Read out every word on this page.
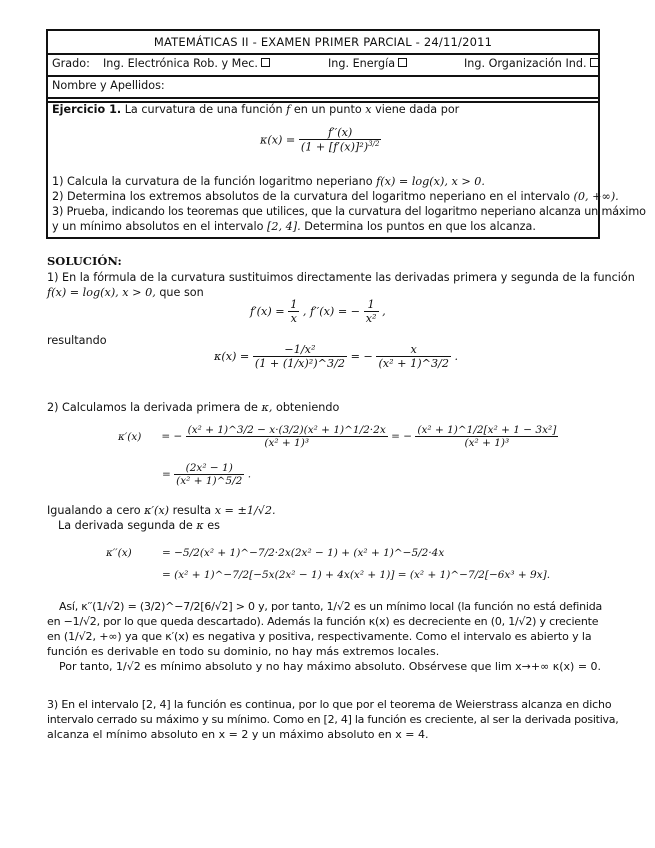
MATEMÁTICAS II - EXAMEN PRIMER PARCIAL - 24/11/2011
Grado: Ing. Electrónica Rob. y Mec.	Ing. Energía	Ing. Organización Ind.
Nombre y Apellidos:
Ejercicio 1. La curvatura de una función f en un punto x viene dada por
$\kappa(x) = \frac{f''(x)}{(1 + [f'(x)]^2)^{3/2}}$
1) Calcula la curvatura de la función logaritmo neperiano f(x) = log(x), x > 0.
2) Determina los extremos absolutos de la curvatura del logaritmo neperiano en el intervalo (0, +∞).
3) Prueba, indicando los teoremas que utilices, que la curvatura del logaritmo neperiano alcanza un máximo
y un mínimo absolutos en el intervalo [2, 4]. Determina los puntos en que los alcanza.
SOLUCIÓN:
1) En la fórmula de la curvatura sustituimos directamente las derivadas primera y segunda de la función
f(x) = log(x), x > 0, que son
$f'(x) = \frac{1}{x}$ , f′′(x) = − $\frac{1}{\text{x²}}$ ,
resultando
$\kappa(x) = \frac{\text{−1/x²}}{\text{(1 + (1/x)²)\textasciicircum{}3/2}}$ = − $\frac{x}{\text{(x² + 1)\textasciicircum{}3/2}}$ .
2) Calculamos la derivada primera de κ, obteniendo
κ′(x) = − $\frac{\text{(x² + 1)\textasciicircum{}3/2 − x·(3/2)(x² + 1)\textasciicircum{}1/2·2x}}{\text{(x² + 1)³}}$ = − $\frac{\text{(x² + 1)\textasciicircum{}1/2[x² + 1 − 3x²]}}{\text{(x² + 1)³}}$
= $\frac{\text{(2x² − 1)}}{\text{(x² + 1)\textasciicircum{}5/2}}$ .
Igualando a cero κ′(x) resulta x = ±1/√2.
La derivada segunda de κ es
κ′′(x)	= −5/2(x² + 1)^−7/2·2x(2x² − 1) + (x² + 1)^−5/2·4x
= (x² + 1)^−7/2[−5x(2x² − 1) + 4x(x² + 1)] = (x² + 1)^−7/2[−6x³ + 9x].

Así, κ′′(1/√2) = (3/2)^−7/2[6/√2] > 0 y, por tanto, 1/√2 es un mínimo local (la función no está definida

en −1/√2, por lo que queda descartado). Además la función κ(x) es decreciente en (0, 1/√2) y creciente

en (1/√2, +∞) ya que κ′(x) es negativa y positiva, respectivamente. Como el intervalo es abierto y la

función es derivable en todo su dominio, no hay más extremos locales.

Por tanto, 1/√2 es mínimo absoluto y no hay máximo absoluto. Obsérvese que lim x→+∞ κ(x) = 0.

3) En el intervalo [2, 4] la función es continua, por lo que por el teorema de Weierstrass alcanza en dicho

intervalo cerrado su máximo y su mínimo. Como en [2, 4] la función es creciente, al ser la derivada positiva,

alcanza el mínimo absoluto en x = 2 y un máximo absoluto en x = 4.
